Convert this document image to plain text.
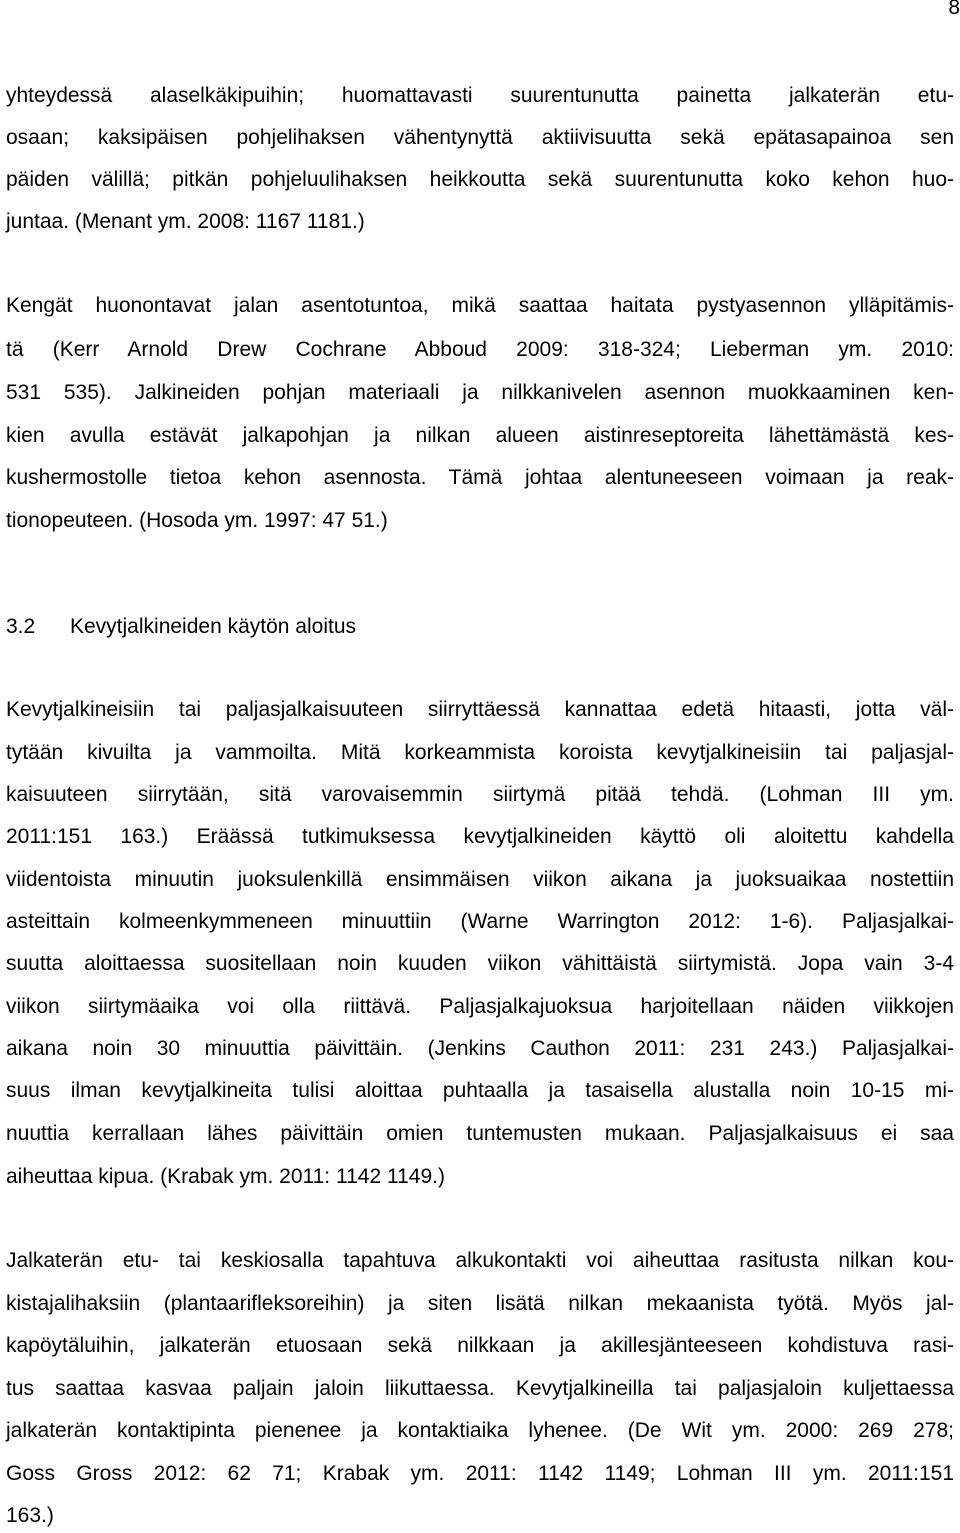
8
yhteydessä alaselkäkipuihin; huomattavasti suurentunutta painetta jalkaterän etu-
osaan; kaksipäisen pohjelihaksen vähentynyttä aktiivisuutta sekä epätasapainoa sen
päiden välillä; pitkän pohjeluulihaksen heikkoutta sekä suurentunutta koko kehon huo-
juntaa. (Menant ym. 2008: 1167 1181.)
Kengät huonontavat jalan asentotuntoa, mikä saattaa haitata pystyasennon ylläpitämis-
tä (Kerr Arnold Drew Cochrane Abboud 2009: 318-324; Lieberman ym. 2010:
531 535). Jalkineiden pohjan materiaali ja nilkkanivelen asennon muokkaaminen ken-
kien avulla estävät jalkapohjan ja nilkan alueen aistinreseptoreita lähettämästä kes-
kushermostolle tietoa kehon asennosta. Tämä johtaa alentuneeseen voimaan ja reak-
tionopeuteen. (Hosoda ym. 1997: 47 51.)
3.2 Kevytjalkineiden käytön aloitus
Kevytjalkineisiin tai paljasjalkaisuuteen siirryttäessä kannattaa edetä hitaasti, jotta väl-
tytään kivuilta ja vammoilta. Mitä korkeammista koroista kevytjalkineisiin tai paljasjal-
kaisuuteen siirrytään, sitä varovaisemmin siirtymä pitää tehdä. (Lohman III ym.
2011:151 163.) Eräässä tutkimuksessa kevytjalkineiden käyttö oli aloitettu kahdella
viidentoista minuutin juoksulenkillä ensimmäisen viikon aikana ja juoksuaikaa nostettiin
asteittain kolmeenkymmeneen minuuttiin (Warne Warrington 2012: 1-6). Paljasjalkai-
suutta aloittaessa suositellaan noin kuuden viikon vähittäistä siirtymistä. Jopa vain 3-4
viikon siirtymäaika voi olla riittävä. Paljasjalkajuoksua harjoitellaan näiden viikkojen
aikana noin 30 minuuttia päivittäin. (Jenkins Cauthon 2011: 231 243.) Paljasjalkai-
suus ilman kevytjalkineita tulisi aloittaa puhtaalla ja tasaisella alustalla noin 10-15 mi-
nuuttia kerrallaan lähes päivittäin omien tuntemusten mukaan. Paljasjalkaisuus ei saa
aiheuttaa kipua. (Krabak ym. 2011: 1142 1149.)
Jalkaterän etu- tai keskiosalla tapahtuva alkukontakti voi aiheuttaa rasitusta nilkan kou-
kistajalihaksiin (plantaarifleksoreihin) ja siten lisätä nilkan mekaanista työtä. Myös jal-
kapöytäluihin, jalkaterän etuosaan sekä nilkkaan ja akillesjänteeseen kohdistuva rasi-
tus saattaa kasvaa paljain jaloin liikuttaessa. Kevytjalkineilla tai paljasjaloin kuljettaessa
jalkaterän kontaktipinta pienenee ja kontaktiaika lyhenee. (De Wit ym. 2000: 269 278;
Goss Gross 2012: 62 71; Krabak ym. 2011: 1142 1149; Lohman III ym. 2011:151
163.)
